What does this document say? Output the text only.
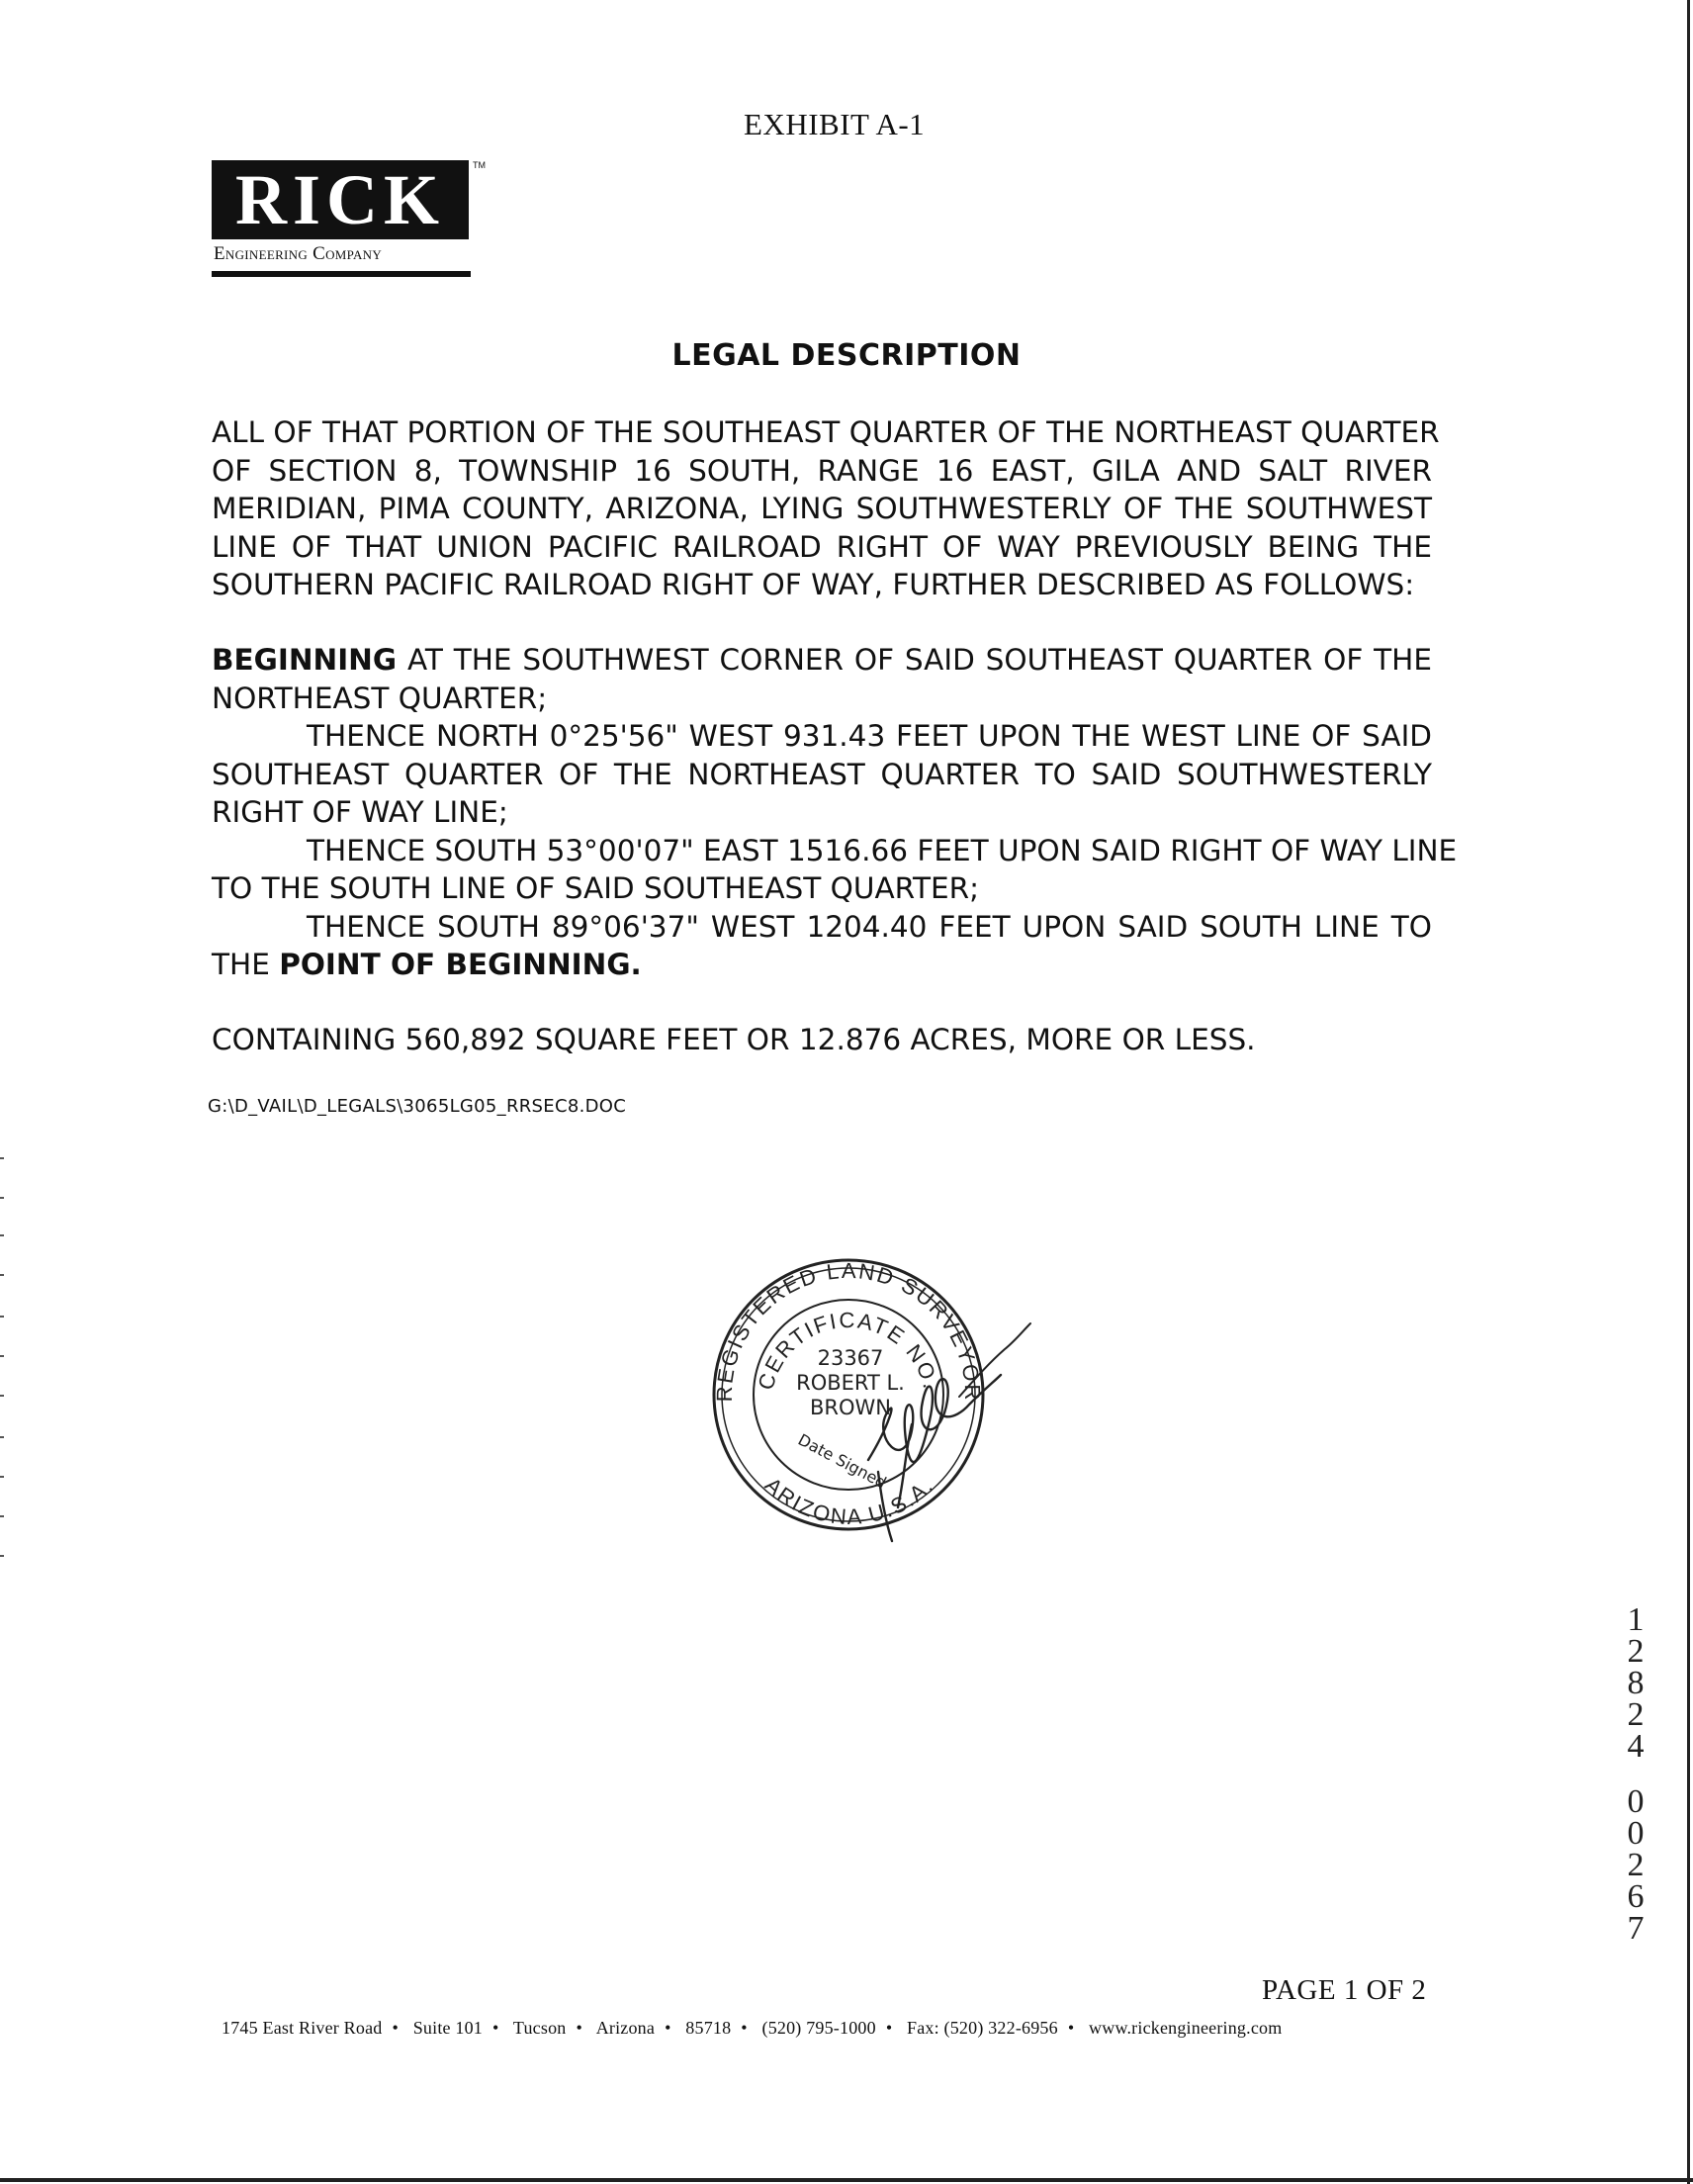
EXHIBIT A-1
RICK	TM
Engineering Company
LEGAL DESCRIPTION
ALL OF THAT PORTION OF THE SOUTHEAST QUARTER OF THE NORTHEAST QUARTER
OF SECTION 8, TOWNSHIP 16 SOUTH, RANGE 16 EAST, GILA AND SALT RIVER
MERIDIAN, PIMA COUNTY, ARIZONA, LYING SOUTHWESTERLY OF THE SOUTHWEST
LINE OF THAT UNION PACIFIC RAILROAD RIGHT OF WAY PREVIOUSLY BEING THE
SOUTHERN PACIFIC RAILROAD RIGHT OF WAY, FURTHER DESCRIBED AS FOLLOWS:
BEGINNING AT THE SOUTHWEST CORNER OF SAID SOUTHEAST QUARTER OF THE
NORTHEAST QUARTER;
THENCE NORTH 0°25'56" WEST 931.43 FEET UPON THE WEST LINE OF SAID
SOUTHEAST QUARTER OF THE NORTHEAST QUARTER TO SAID SOUTHWESTERLY
RIGHT OF WAY LINE;
THENCE SOUTH 53°00'07" EAST 1516.66 FEET UPON SAID RIGHT OF WAY LINE
TO THE SOUTH LINE OF SAID SOUTHEAST QUARTER;
THENCE SOUTH 89°06'37" WEST 1204.40 FEET UPON SAID SOUTH LINE TO
THE POINT OF BEGINNING.
CONTAINING 560,892 SQUARE FEET OR 12.876 ACRES, MORE OR LESS.
G:\D_VAIL\D_LEGALS\3065LG05_RRSEC8.DOC
REGISTERED LAND SURVEYOR
CERTIFICATE NO.
23367
ROBERT L.
BROWN
Date Signed
ARIZONA U.S.A.
1
2
8
2
4
0
0
2
6
7
PAGE 1 OF 2
1745 East River Road • Suite 101 • Tucson • Arizona • 85718 • (520) 795-1000 • Fax: (520) 322-6956 • www.rickengineering.com
